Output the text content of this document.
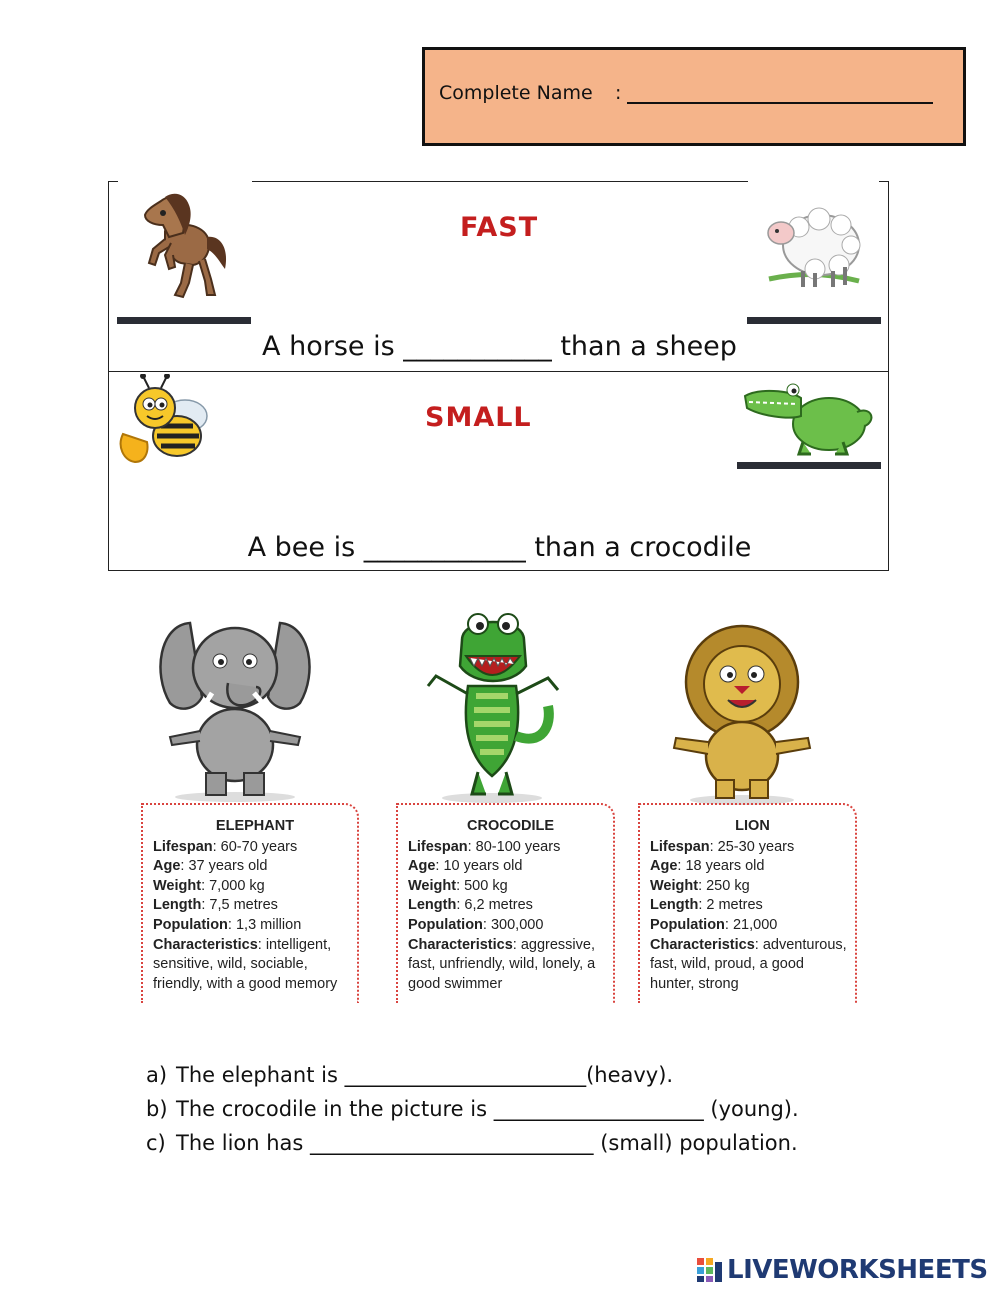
Complete Name :
FAST
A horse is ___________ than a sheep
SMALL
A bee is ____________ than a crocodile
ELEPHANT
Lifespan: 60-70 years
Age: 37 years old
Weight: 7,000 kg
Length: 7,5 metres
Population: 1,3 million
Characteristics: intelligent, sensitive, wild, sociable, friendly, with a good memory
CROCODILE
Lifespan: 80-100 years
Age: 10 years old
Weight: 500 kg
Length: 6,2 metres
Population: 300,000
Characteristics: aggressive, fast, unfriendly, wild, lonely, a good swimmer
LION
Lifespan: 25-30 years
Age: 18 years old
Weight: 250 kg
Length: 2 metres
Population: 21,000
Characteristics: adventurous, fast, wild, proud, a good hunter, strong
a) The elephant is _______________________(heavy).
b) The crocodile in the picture is ____________________ (young).
c) The lion has ___________________________ (small) population.
LIVEWORKSHEETS
